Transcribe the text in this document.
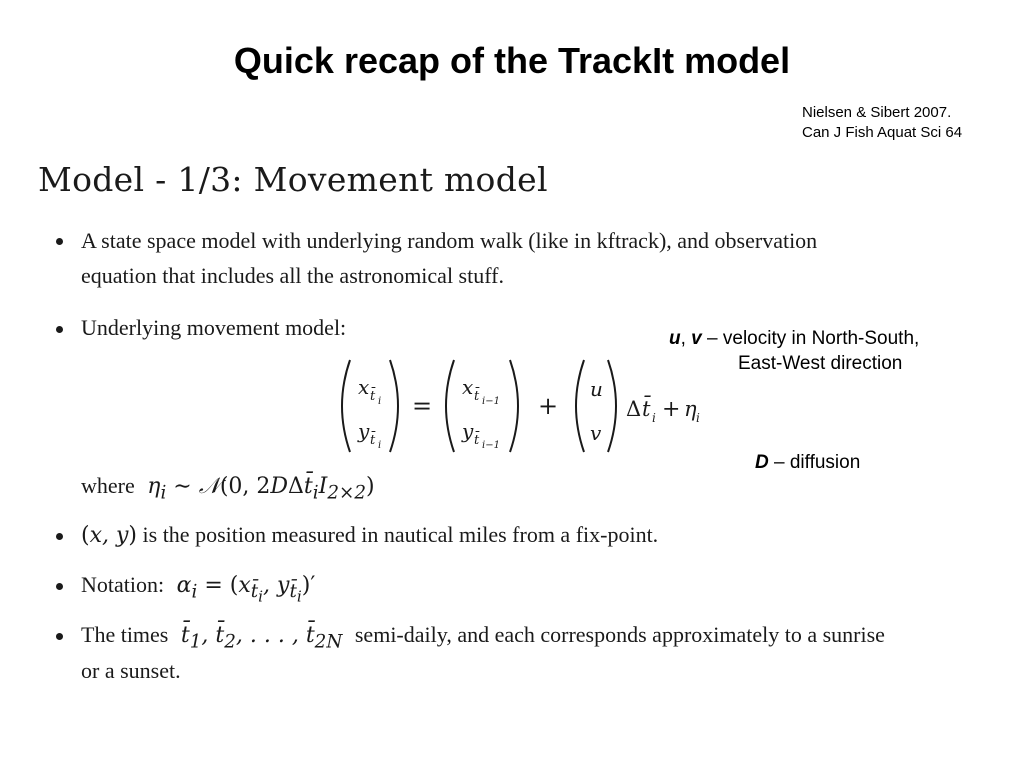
Quick recap of the TrackIt model
Nielsen & Sibert 2007.
Can J Fish Aquat Sci 64
Model - 1/3: Movement model
A state space model with underlying random walk (like in kftrack), and observation
equation that includes all the astronomical stuff.
Underlying movement model:
x t̄ i
y t̄ i
=
x t̄ i−1
y t̄ i−1
+
u
v
Δ t̄ i + η i
where  $\eta_i$ ∼ 𝒩(0, $2D\Delta t̄_iI_{2\times 2}$)
(x, y) is the position measured in nautical miles from a fix-point.
Notation:  $\alpha_i = (x_{t̄_i}$, $y_{t̄_i})'$
The times  $t̄_1$, $t̄_2$, . . . , $t̄_{2N}$ semi-daily, and each corresponds approximately to a sunrise
or a sunset.
u, v – velocity in North-South,
East-West direction
D – diffusion
